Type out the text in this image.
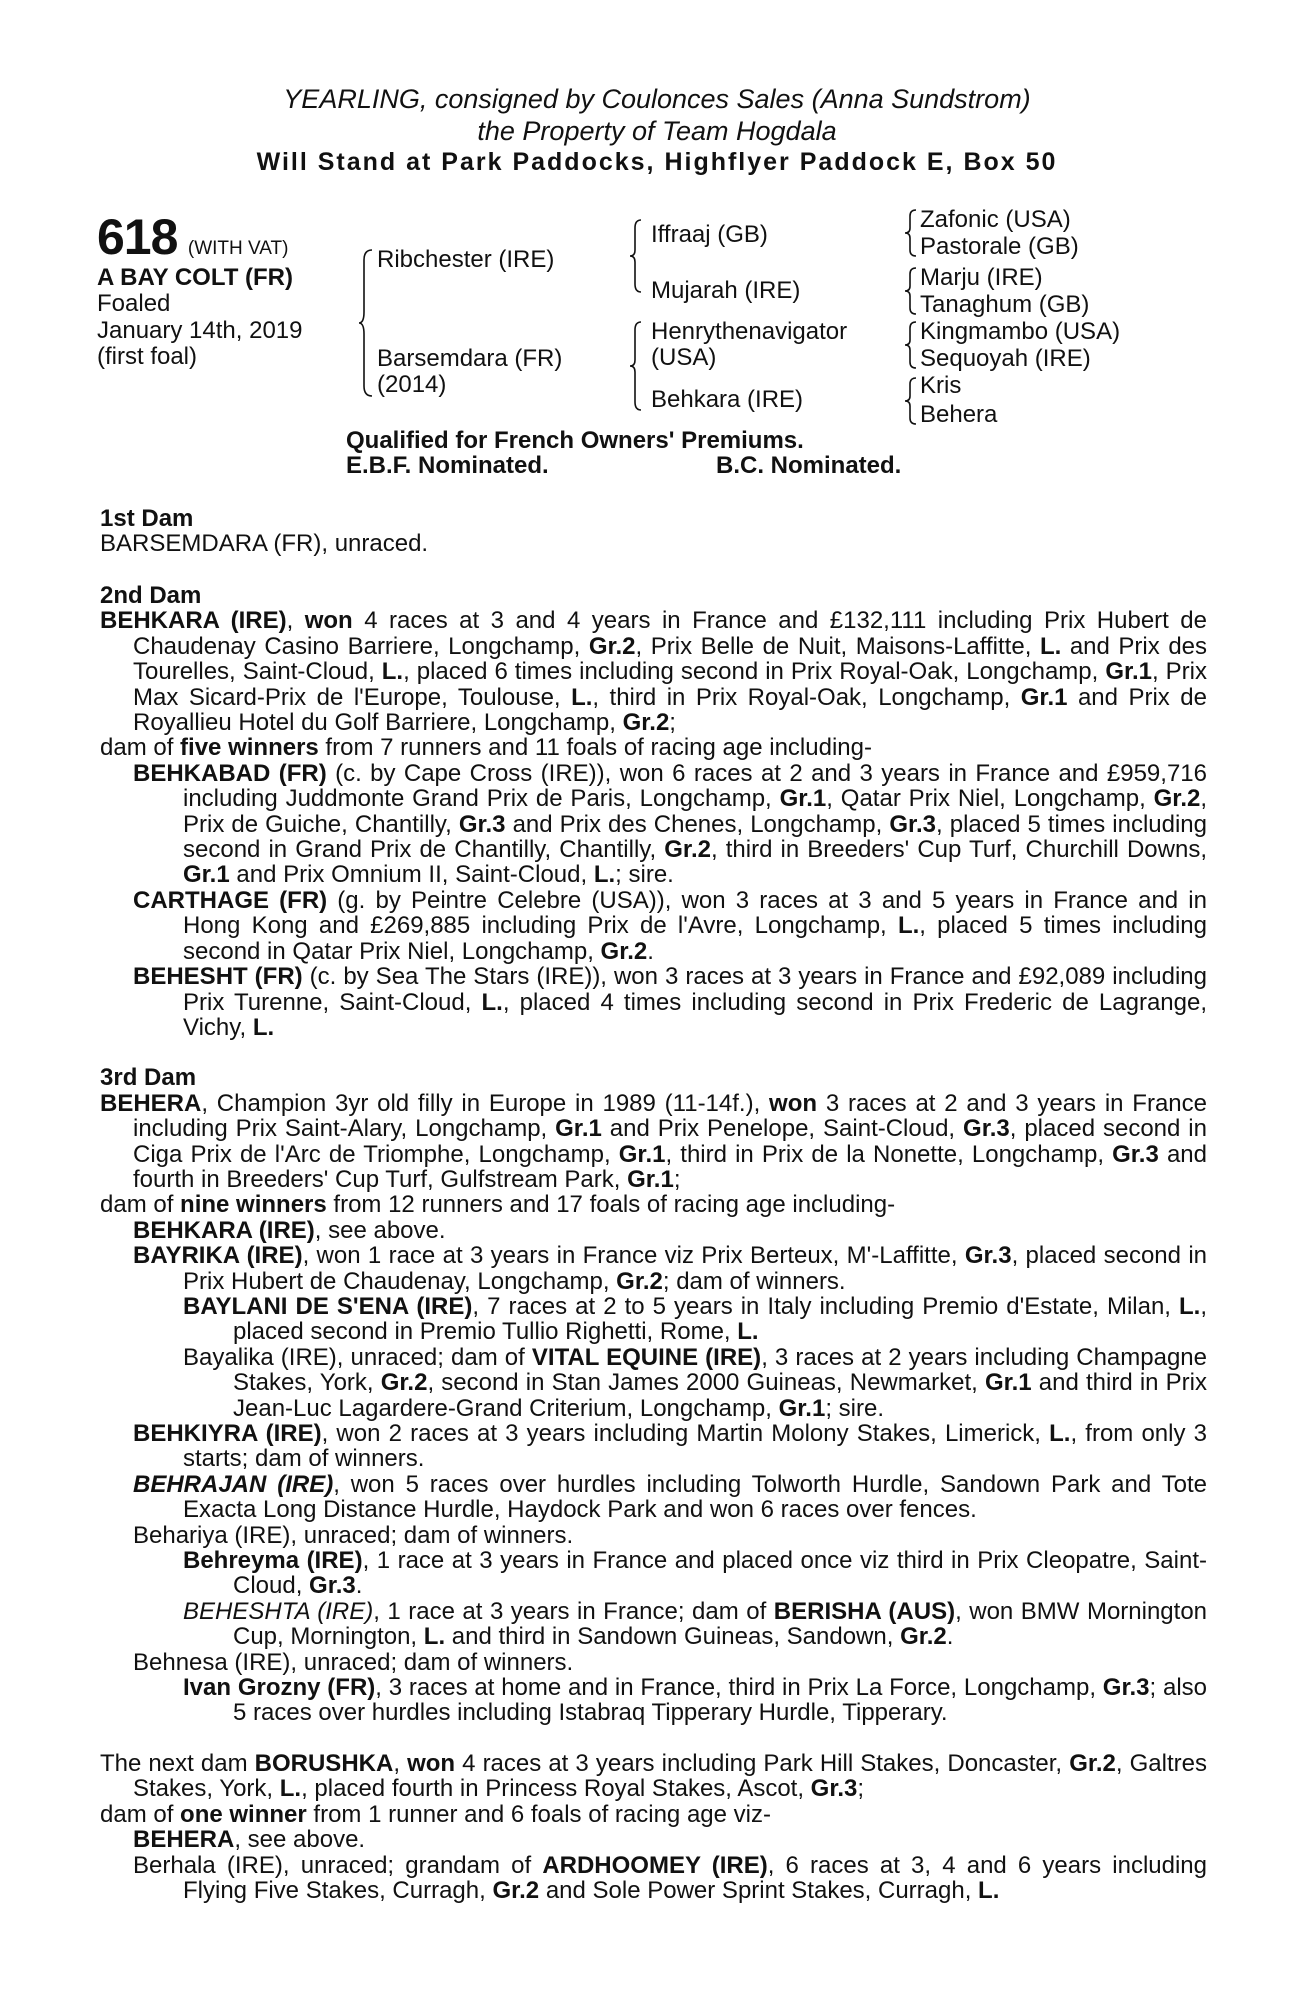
YEARLING, consigned by Coulonces Sales (Anna Sundstrom)
the Property of Team Hogdala
Will Stand at Park Paddocks, Highflyer Paddock E, Box 50
618 (WITH VAT)
A BAY COLT (FR)
Foaled
January 14th, 2019
(first foal)
Ribchester (IRE)
Barsemdara (FR)
(2014)
Iffraaj (GB)
Mujarah (IRE)
Henrythenavigator
(USA)
Behkara (IRE)
Zafonic (USA)
Pastorale (GB)
Marju (IRE)
Tanaghum (GB)
Kingmambo (USA)
Sequoyah (IRE)
Kris
Behera
Qualified for French Owners' Premiums.
E.B.F. Nominated.	B.C. Nominated.
1st Dam
BARSEMDARA (FR), unraced.
2nd Dam

BEHKARA (IRE), won 4 races at 3 and 4 years in France and £132,111 including Prix Hubert de Chaudenay Casino Barriere, Longchamp, Gr.2, Prix Belle de Nuit, Maisons-Laffitte, L. and Prix des Tourelles, Saint-Cloud, L., placed 6 times including second in Prix Royal-Oak, Longchamp, Gr.1, Prix Max Sicard-Prix de l'Europe, Toulouse, L., third in Prix Royal-Oak, Longchamp, Gr.1 and Prix de Royallieu Hotel du Golf Barriere, Longchamp, Gr.2;

dam of five winners from 7 runners and 11 foals of racing age including-

BEHKABAD (FR) (c. by Cape Cross (IRE)), won 6 races at 2 and 3 years in France and £959,716 including Juddmonte Grand Prix de Paris, Longchamp, Gr.1, Qatar Prix Niel, Longchamp, Gr.2, Prix de Guiche, Chantilly, Gr.3 and Prix des Chenes, Longchamp, Gr.3, placed 5 times including second in Grand Prix de Chantilly, Chantilly, Gr.2, third in Breeders' Cup Turf, Churchill Downs, Gr.1 and Prix Omnium II, Saint-Cloud, L.; sire.

CARTHAGE (FR) (g. by Peintre Celebre (USA)), won 3 races at 3 and 5 years in France and in Hong Kong and £269,885 including Prix de l'Avre, Longchamp, L., placed 5 times including second in Qatar Prix Niel, Longchamp, Gr.2.

BEHESHT (FR) (c. by Sea The Stars (IRE)), won 3 races at 3 years in France and £92,089 including Prix Turenne, Saint-Cloud, L., placed 4 times including second in Prix Frederic de Lagrange, Vichy, L.

3rd Dam

BEHERA, Champion 3yr old filly in Europe in 1989 (11-14f.), won 3 races at 2 and 3 years in France including Prix Saint-Alary, Longchamp, Gr.1 and Prix Penelope, Saint-Cloud, Gr.3, placed second in Ciga Prix de l'Arc de Triomphe, Longchamp, Gr.1, third in Prix de la Nonette, Longchamp, Gr.3 and fourth in Breeders' Cup Turf, Gulfstream Park, Gr.1;

dam of nine winners from 12 runners and 17 foals of racing age including-

BEHKARA (IRE), see above.

BAYRIKA (IRE), won 1 race at 3 years in France viz Prix Berteux, M'-Laffitte, Gr.3, placed second in Prix Hubert de Chaudenay, Longchamp, Gr.2; dam of winners.

BAYLANI DE S'ENA (IRE), 7 races at 2 to 5 years in Italy including Premio d'Estate, Milan, L., placed second in Premio Tullio Righetti, Rome, L.

Bayalika (IRE), unraced; dam of VITAL EQUINE (IRE), 3 races at 2 years including Champagne Stakes, York, Gr.2, second in Stan James 2000 Guineas, Newmarket, Gr.1 and third in Prix Jean-Luc Lagardere-Grand Criterium, Longchamp, Gr.1; sire.

BEHKIYRA (IRE), won 2 races at 3 years including Martin Molony Stakes, Limerick, L., from only 3 starts; dam of winners.

BEHRAJAN (IRE), won 5 races over hurdles including Tolworth Hurdle, Sandown Park and Tote Exacta Long Distance Hurdle, Haydock Park and won 6 races over fences.

Behariya (IRE), unraced; dam of winners.

Behreyma (IRE), 1 race at 3 years in France and placed once viz third in Prix Cleopatre, Saint-Cloud, Gr.3.

BEHESHTA (IRE), 1 race at 3 years in France; dam of BERISHA (AUS), won BMW Mornington Cup, Mornington, L. and third in Sandown Guineas, Sandown, Gr.2.

Behnesa (IRE), unraced; dam of winners.

Ivan Grozny (FR), 3 races at home and in France, third in Prix La Force, Longchamp, Gr.3; also 5 races over hurdles including Istabraq Tipperary Hurdle, Tipperary.

The next dam BORUSHKA, won 4 races at 3 years including Park Hill Stakes, Doncaster, Gr.2, Galtres Stakes, York, L., placed fourth in Princess Royal Stakes, Ascot, Gr.3;

dam of one winner from 1 runner and 6 foals of racing age viz-

BEHERA, see above.

Berhala (IRE), unraced; grandam of ARDHOOMEY (IRE), 6 races at 3, 4 and 6 years including Flying Five Stakes, Curragh, Gr.2 and Sole Power Sprint Stakes, Curragh, L.
